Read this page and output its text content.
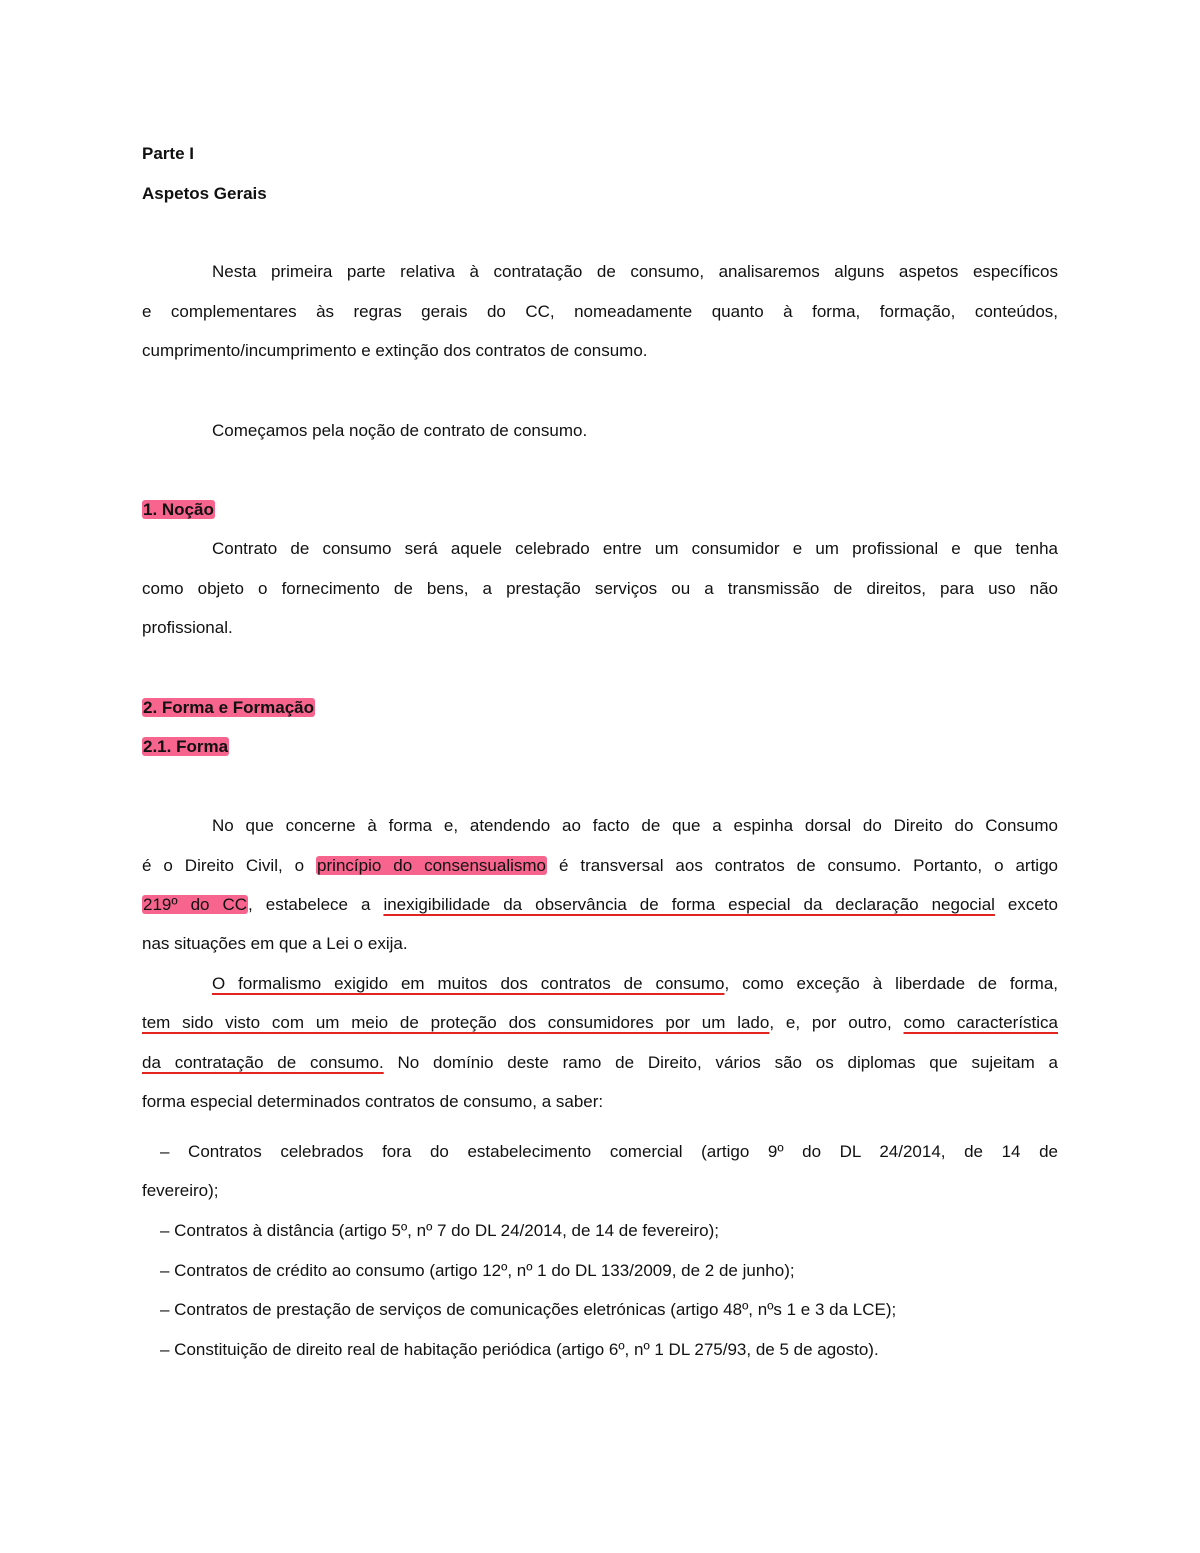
Parte I
Aspetos Gerais
Nesta primeira parte relativa à contratação de consumo, analisaremos alguns aspetos específicos
e complementares às regras gerais do CC, nomeadamente quanto à forma, formação, conteúdos,
cumprimento/incumprimento e extinção dos contratos de consumo.
Começamos pela noção de contrato de consumo.
1. Noção
Contrato de consumo será aquele celebrado entre um consumidor e um profissional e que tenha
como objeto o fornecimento de bens, a prestação serviços ou a transmissão de direitos, para uso não
profissional.
2. Forma e Formação
2.1. Forma
No que concerne à forma e, atendendo ao facto de que a espinha dorsal do Direito do Consumo
é o Direito Civil, o princípio do consensualismo é transversal aos contratos de consumo. Portanto, o artigo
219º do CC, estabelece a inexigibilidade da observância de forma especial da declaração negocial exceto
nas situações em que a Lei o exija.
O formalismo exigido em muitos dos contratos de consumo, como exceção à liberdade de forma,
tem sido visto com um meio de proteção dos consumidores por um lado, e, por outro, como característica
da contratação de consumo. No domínio deste ramo de Direito, vários são os diplomas que sujeitam a
forma especial determinados contratos de consumo, a saber:
– Contratos celebrados fora do estabelecimento comercial (artigo 9º do DL 24/2014, de 14 de
fevereiro);
– Contratos à distância (artigo 5º, nº 7 do DL 24/2014, de 14 de fevereiro);
– Contratos de crédito ao consumo (artigo 12º, nº 1 do DL 133/2009, de 2 de junho);
– Contratos de prestação de serviços de comunicações eletrónicas (artigo 48º, nºs 1 e 3 da LCE);
– Constituição de direito real de habitação periódica (artigo 6º, nº 1 DL 275/93, de 5 de agosto).
